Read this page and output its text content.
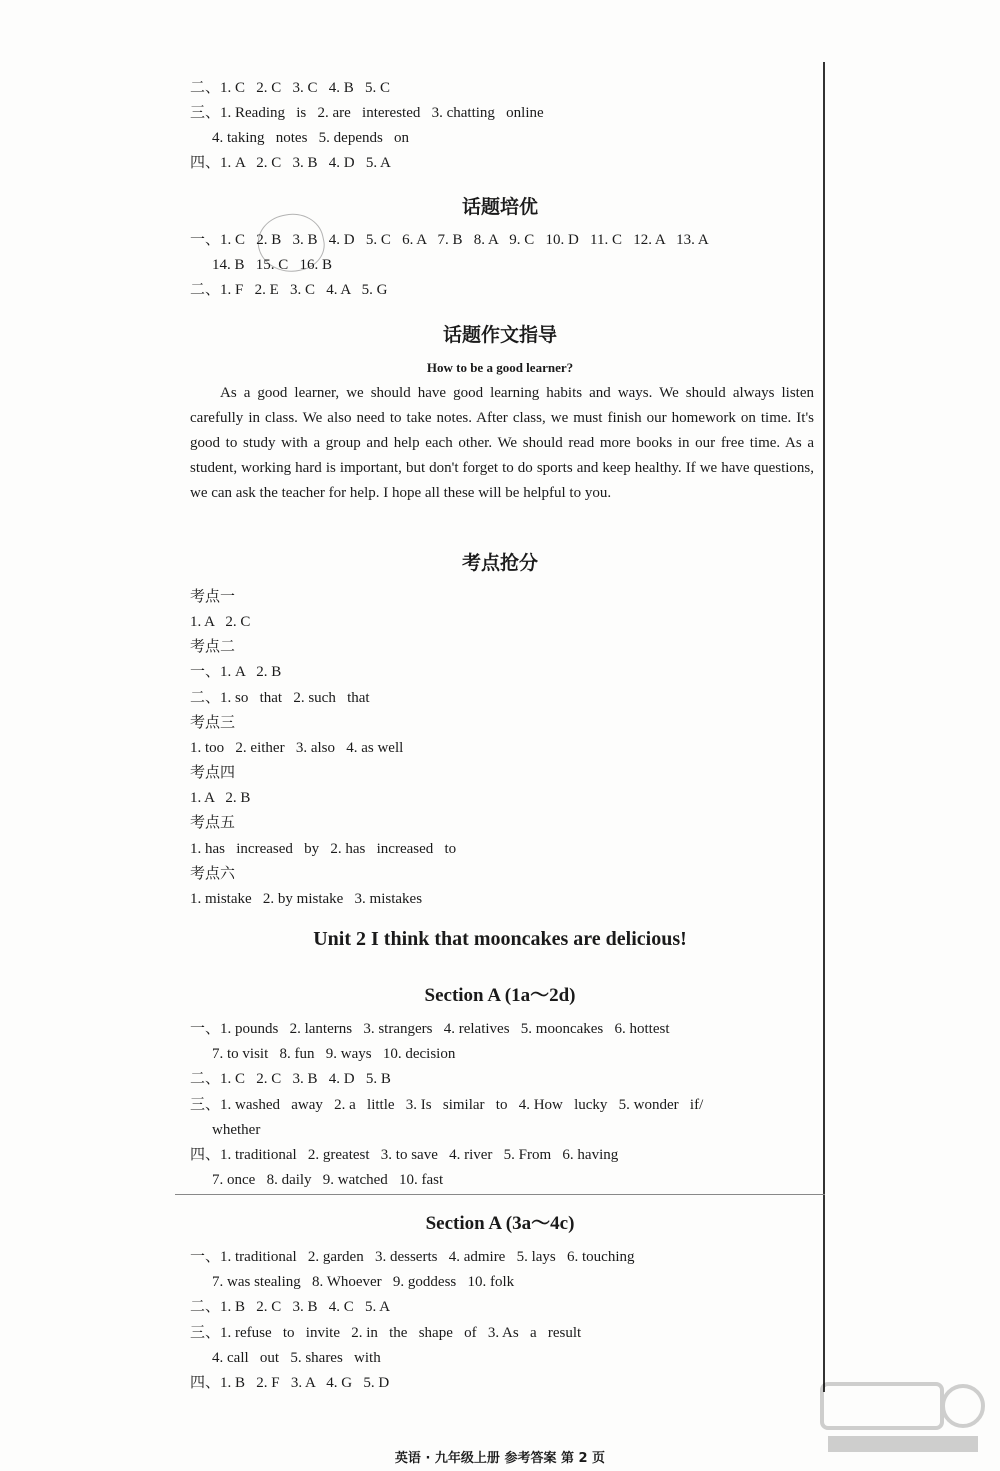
二、1. C   2. C   3. C   4. B   5. C
三、1. Reading   is   2. are   interested   3. chatting   online
4. taking   notes   5. depends   on
四、1. A   2. C   3. B   4. D   5. A
话题培优
一、1. C   2. B   3. B   4. D   5. C   6. A   7. B   8. A   9. C   10. D   11. C   12. A   13. A
14. B   15. C   16. B
二、1. F   2. E   3. C   4. A   5. G
话题作文指导
How to be a good learner?
As a good learner, we should have good learning habits and ways. We should always listen carefully in class. We also need to take notes. After class, we must finish our homework on time. It's good to study with a group and help each other. We should read more books in our free time. As a student, working hard is important, but don't forget to do sports and keep healthy. If we have questions, we can ask the teacher for help. I hope all these will be helpful to you.
考点抢分
考点一
1. A   2. C
考点二
一、1. A   2. B
二、1. so   that   2. such   that
考点三
1. too   2. either   3. also   4. as well
考点四
1. A   2. B
考点五
1. has   increased   by   2. has   increased   to
考点六
1. mistake   2. by mistake   3. mistakes
Unit 2 I think that mooncakes are delicious!
Section A (1a～2d)
一、1. pounds   2. lanterns   3. strangers   4. relatives   5. mooncakes   6. hottest
7. to visit   8. fun   9. ways   10. decision
二、1. C   2. C   3. B   4. D   5. B
三、1. washed   away   2. a   little   3. Is   similar   to   4. How   lucky   5. wonder   if/
whether
四、1. traditional   2. greatest   3. to save   4. river   5. From   6. having
7. once   8. daily   9. watched   10. fast
Section A (3a～4c)
一、1. traditional   2. garden   3. desserts   4. admire   5. lays   6. touching
7. was stealing   8. Whoever   9. goddess   10. folk
二、1. B   2. C   3. B   4. C   5. A
三、1. refuse   to   invite   2. in   the   shape   of   3. As   a   result
4. call   out   5. shares   with
四、1. B   2. F   3. A   4. G   5. D
英语 · 九年级上册 参考答案 第 2 页
